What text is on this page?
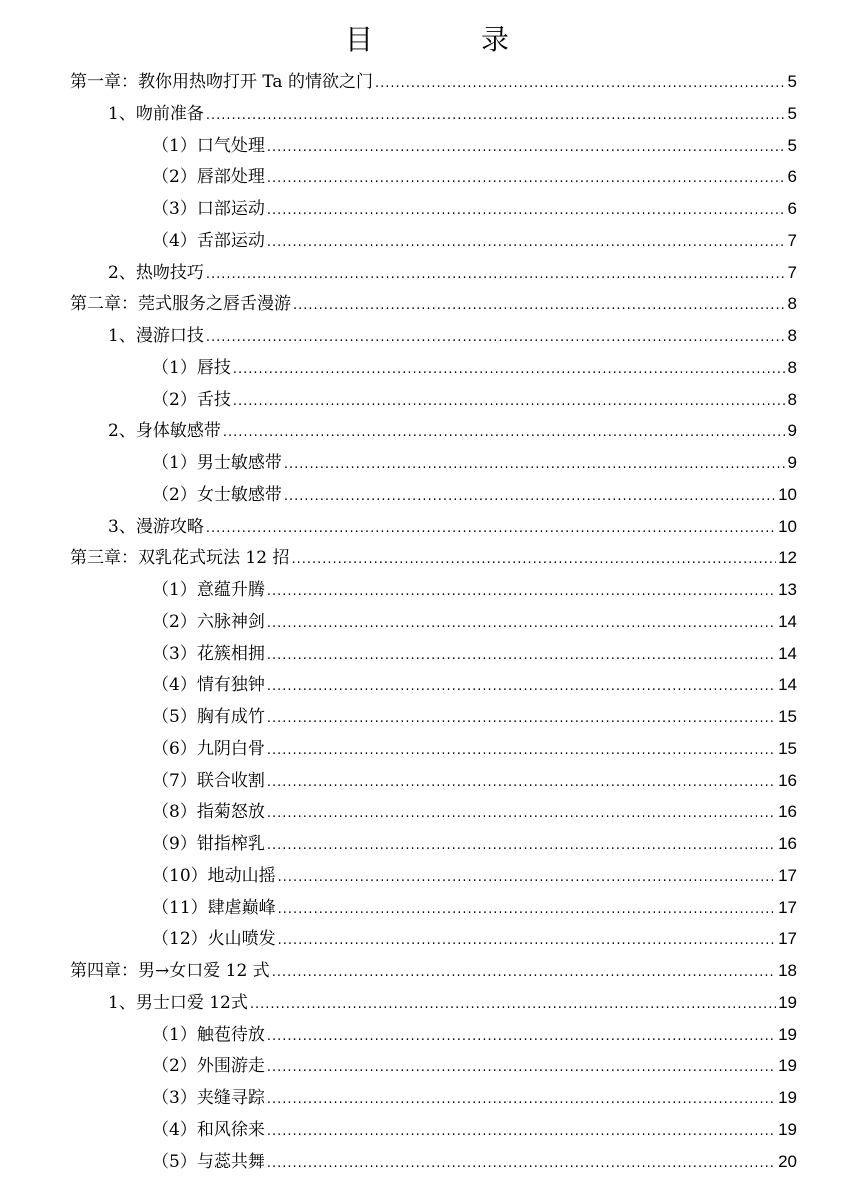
目　录
第一章：教你用热吻打开 Ta 的情欲之门 .....	5
1、吻前准备 .....	5
（1）口气处理 .....	5
（2）唇部处理 .....	6
（3）口部运动 .....	6
（4）舌部运动 .....	7
2、热吻技巧 .....	7
第二章：莞式服务之唇舌漫游 .....	8
1、漫游口技 .....	8
（1）唇技 .....	8
（2）舌技 .....	8
2、身体敏感带 .....	9
（1）男士敏感带 .....	9
（2）女士敏感带 .....	10
3、漫游攻略 .....	10
第三章：双乳花式玩法 12 招 .....	12
（1）意蕴升腾 .....	13
（2）六脉神剑 .....	14
（3）花簇相拥 .....	14
（4）情有独钟 .....	14
（5）胸有成竹 .....	15
（6）九阴白骨 .....	15
（7）联合收割 .....	16
（8）指菊怒放 .....	16
（9）钳指榨乳 .....	16
（10）地动山摇 .....	17
（11）肆虐巅峰 .....	17
（12）火山喷发 .....	17
第四章：男→女口爱 12 式 .....	18
1、男士口爱 12式 .....	19
（1）触苞待放 .....	19
（2）外围游走 .....	19
（3）夹缝寻踪 .....	19
（4）和风徐来 .....	19
（5）与蕊共舞 .....	20
